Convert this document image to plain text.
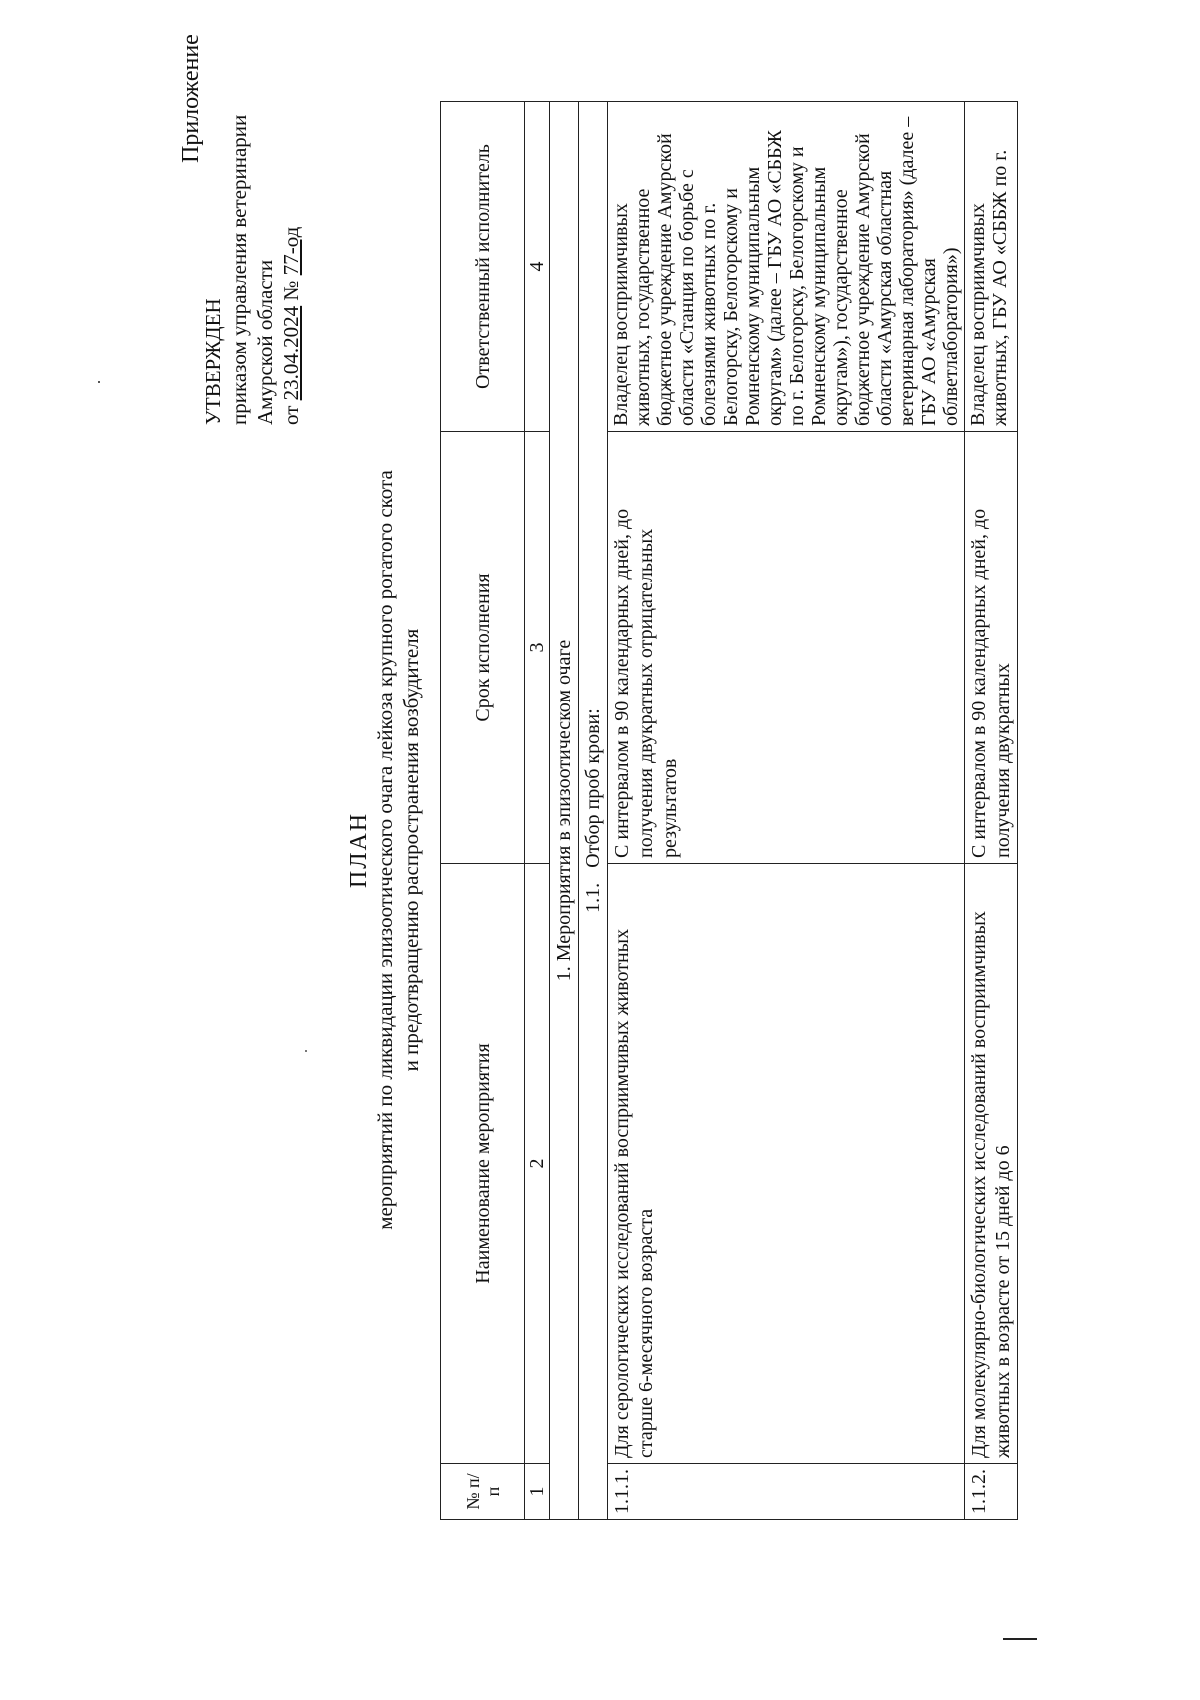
Приложение
УТВЕРЖДЕН приказом управления ветеринарии Амурской области от 23.04.2024 № 77-од
ПЛАН мероприятий по ликвидации эпизоотического очага лейкоза крупного рогатого скота и предотвращению распространения возбудителя
№ п/п	Наименование мероприятия	Срок исполнения	Ответственный исполнитель
1	2	3	4
1. Мероприятия в эпизоотическом очаге			
1.1. Отбор проб крови:			
1.1.1.	Для серологических исследований восприимчивых животных старше 6-месячного возраста	С интервалом в 90 календарных дней, до получения двукратных отрицательных результатов	Владелец восприимчивых животных, государственное бюджетное учреждение Амурской области «Станция по борьбе с болезнями животных по г. Белогорску, Белогорскому и Ромненскому муниципальным округам» (далее – ГБУ АО «СББЖ по г. Белогорску, Белогорскому и Ромненскому муниципальным округам»), государственное бюджетное учреждение Амурской области «Амурская областная ветеринарная лаборатория» (далее – ГБУ АО «Амурская облветлаборатория»)
1.1.2.	Для молекулярно-биологических исследований восприимчивых животных в возрасте от 15 дней до 6	С интервалом в 90 календарных дней, до получения двукратных	Владелец восприимчивых животных, ГБУ АО «СББЖ по г.
